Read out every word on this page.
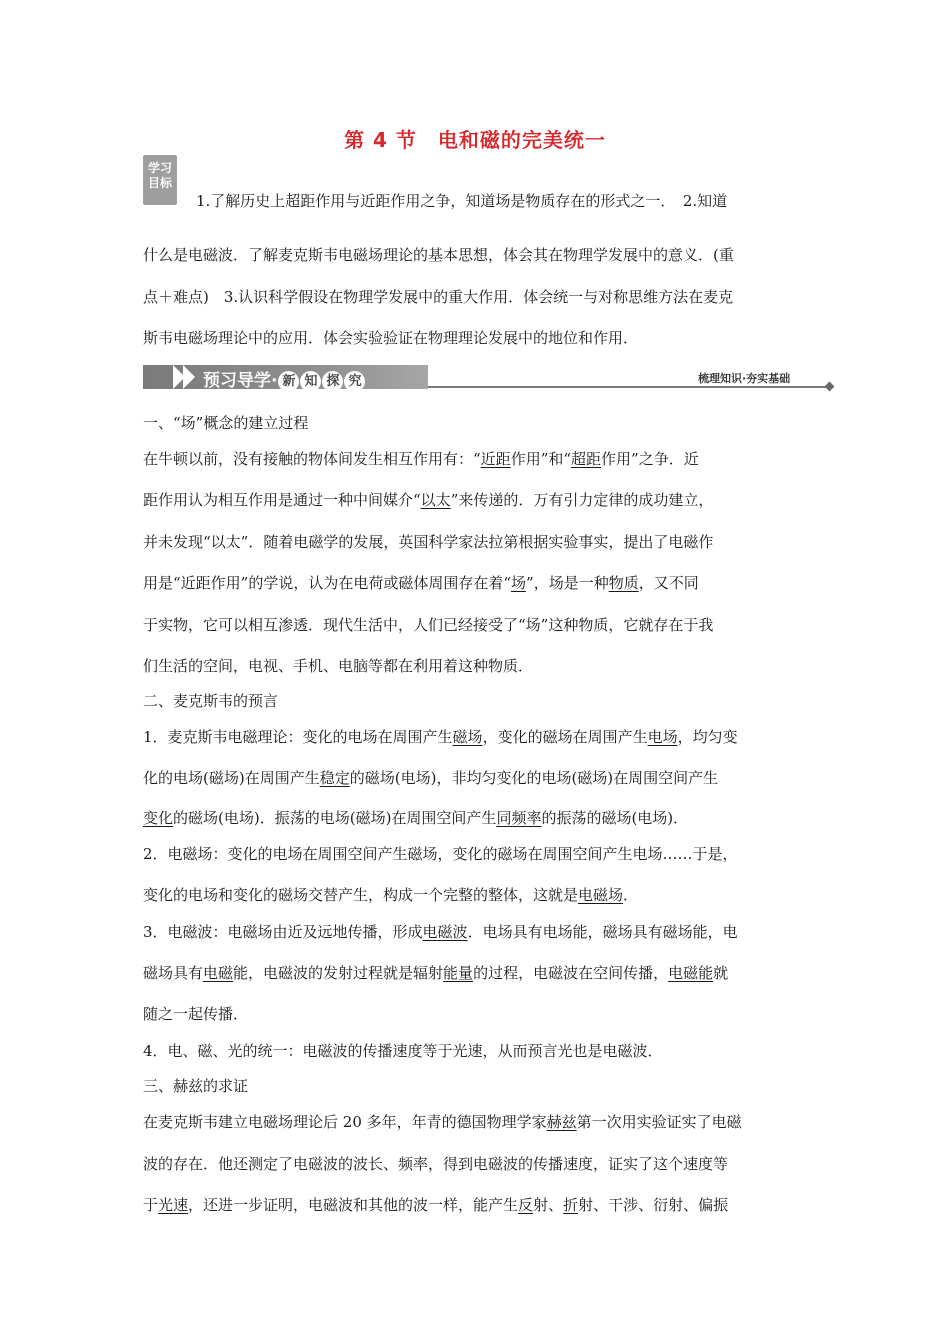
第 4 节　电和磁的完美统一
学习
目标

1.了解历史上超距作用与近距作用之争，知道场是物质存在的形式之一．　2.知道

什么是电磁波．了解麦克斯韦电磁场理论的基本思想，体会其在物理学发展中的意义．(重

点＋难点)　3.认识科学假设在物理学发展中的重大作用．体会统一与对称思维方法在麦克

斯韦电磁场理论中的应用．体会实验验证在物理理论发展中的地位和作用．

预习导学· 新 知 探 究	梳理知识·夯实基础

一、“场”概念的建立过程

在牛顿以前，没有接触的物体间发生相互作用有：“近距作用”和“超距作用”之争．近

距作用认为相互作用是通过一种中间媒介“以太”来传递的．万有引力定律的成功建立，

并未发现“以太”．随着电磁学的发展，英国科学家法拉第根据实验事实，提出了电磁作

用是“近距作用”的学说，认为在电荷或磁体周围存在着“场”，场是一种物质，又不同

于实物，它可以相互渗透．现代生活中，人们已经接受了“场”这种物质，它就存在于我

们生活的空间，电视、手机、电脑等都在利用着这种物质．

二、麦克斯韦的预言

1．麦克斯韦电磁理论：变化的电场在周围产生磁场，变化的磁场在周围产生电场，均匀变

化的电场(磁场)在周围产生稳定的磁场(电场)，非均匀变化的电场(磁场)在周围空间产生

变化的磁场(电场)．振荡的电场(磁场)在周围空间产生同频率的振荡的磁场(电场)．

2．电磁场：变化的电场在周围空间产生磁场，变化的磁场在周围空间产生电场……于是，

变化的电场和变化的磁场交替产生，构成一个完整的整体，这就是电磁场．

3．电磁波：电磁场由近及远地传播，形成电磁波．电场具有电场能，磁场具有磁场能，电

磁场具有电磁能，电磁波的发射过程就是辐射能量的过程，电磁波在空间传播，电磁能就

随之一起传播．

4．电、磁、光的统一：电磁波的传播速度等于光速，从而预言光也是电磁波．

三、赫兹的求证

在麦克斯韦建立电磁场理论后 20 多年，年青的德国物理学家赫兹第一次用实验证实了电磁

波的存在．他还测定了电磁波的波长、频率，得到电磁波的传播速度，证实了这个速度等

于光速，还进一步证明，电磁波和其他的波一样，能产生反射、折射、干涉、衍射、偏振
